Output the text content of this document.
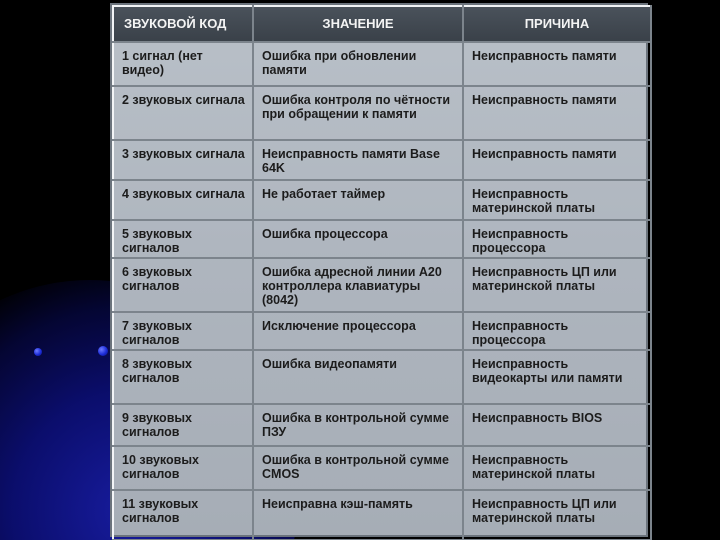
ЗВУКОВОЙ КОД	ЗНАЧЕНИЕ	ПРИЧИНА
1 сигнал (нет видео)	Ошибка при обновлении памяти	Неисправность памяти
2 звуковых сигнала	Ошибка контроля по чётности при обращении к памяти	Неисправность памяти
3 звуковых сигнала	Неисправность памяти Base 64K	Неисправность памяти
4 звуковых сигнала	Не работает таймер	Неисправность материнской платы
5 звуковых сигналов	Ошибка процессора	Неисправность процессора
6 звуковых сигналов	Ошибка адресной линии A20 контроллера клавиатуры (8042)	Неисправность ЦП или материнской платы
7 звуковых сигналов	Исключение процессора	Неисправность процессора
8 звуковых сигналов	Ошибка видеопамяти	Неисправность видеокарты или памяти
9 звуковых сигналов	Ошибка в контрольной сумме ПЗУ	Неисправность BIOS
10 звуковых сигналов	Ошибка в контрольной сумме CMOS	Неисправность материнской платы
11 звуковых сигналов	Неисправна кэш-память	Неисправность ЦП или материнской платы
